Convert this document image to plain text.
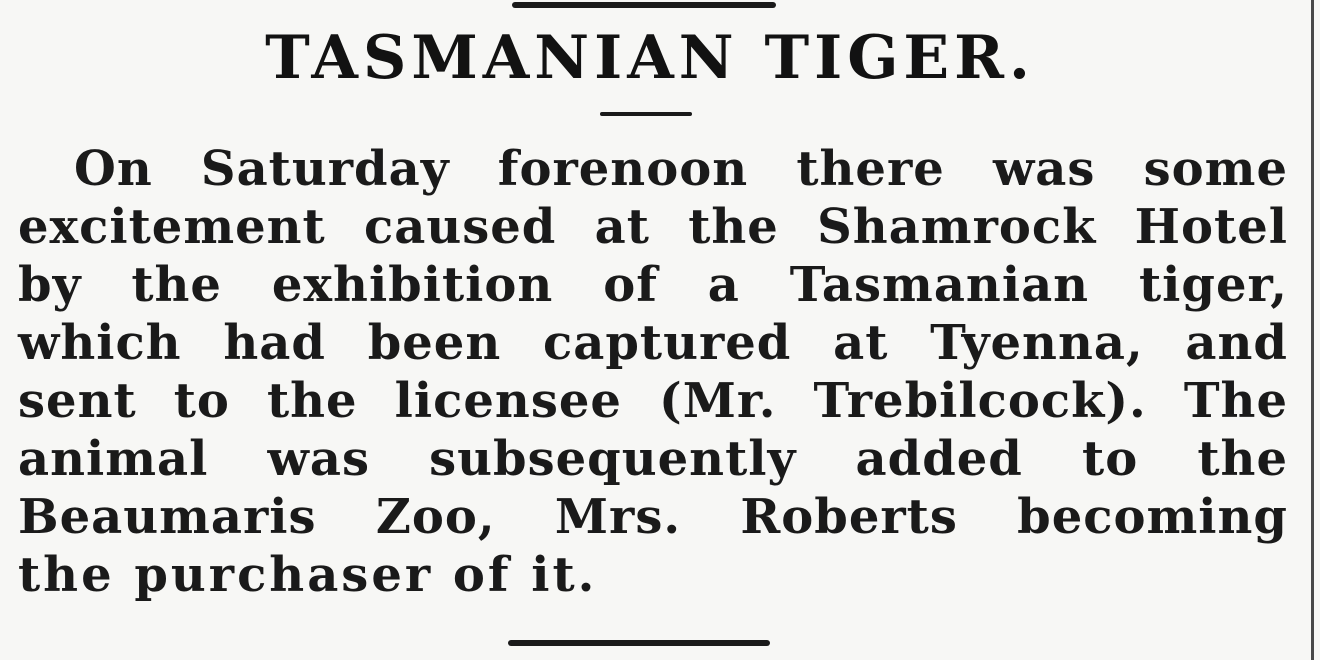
TASMANIAN TIGER.
On Saturday forenoon there was some
excitement caused at the Shamrock Hotel
by the exhibition of a Tasmanian tiger,
which had been captured at Tyenna, and
sent to the licensee (Mr. Trebilcock). The
animal was subsequently added to the
Beaumaris Zoo, Mrs. Roberts becoming
the purchaser of it.
